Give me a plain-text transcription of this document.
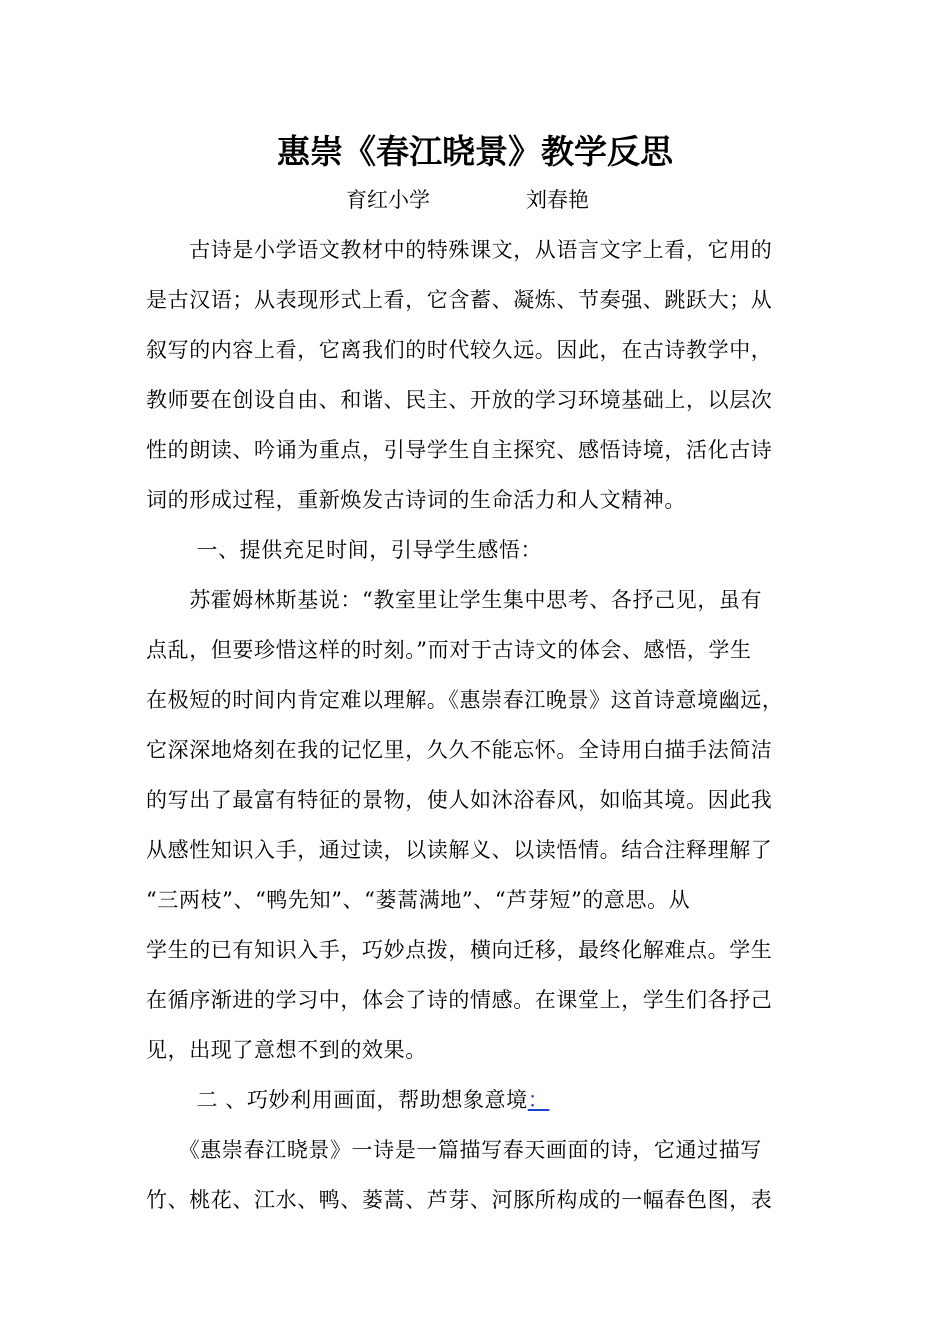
惠崇《春江晓景》教学反思
育红小学	刘春艳
　　古诗是小学语文教材中的特殊课文，从语言文字上看，它用的
是古汉语；从表现形式上看，它含蓄、凝炼、节奏强、跳跃大；从
叙写的内容上看，它离我们的时代较久远。因此，在古诗教学中，
教师要在创设自由、和谐、民主、开放的学习环境基础上，以层次
性的朗读、吟诵为重点，引导学生自主探究、感悟诗境，活化古诗
词的形成过程，重新焕发古诗词的生命活力和人文精神。
　　 一、提供充足时间，引导学生感悟：
　　苏霍姆林斯基说：“教室里让学生集中思考、各抒己见，虽有
点乱，但要珍惜这样的时刻。”而对于古诗文的体会、感悟，学生
在极短的时间内肯定难以理解。《惠崇春江晚景》这首诗意境幽远，
它深深地烙刻在我的记忆里，久久不能忘怀。全诗用白描手法简洁
的写出了最富有特征的景物，使人如沐浴春风，如临其境。因此我
从感性知识入手，通过读，以读解义、以读悟情。结合注释理解了
“三两枝”、“鸭先知”、“蒌蒿满地”、“芦芽短”的意思。从
学生的已有知识入手，巧妙点拨，横向迁移，最终化解难点。学生
在循序渐进的学习中，体会了诗的情感。在课堂上，学生们各抒己
见，出现了意想不到的效果。
　　 二 、巧妙利用画面，帮助想象意境：
　　《惠崇春江晓景》一诗是一篇描写春天画面的诗，它通过描写
竹、桃花、江水、鸭、蒌蒿、芦芽、河豚所构成的一幅春色图，表
